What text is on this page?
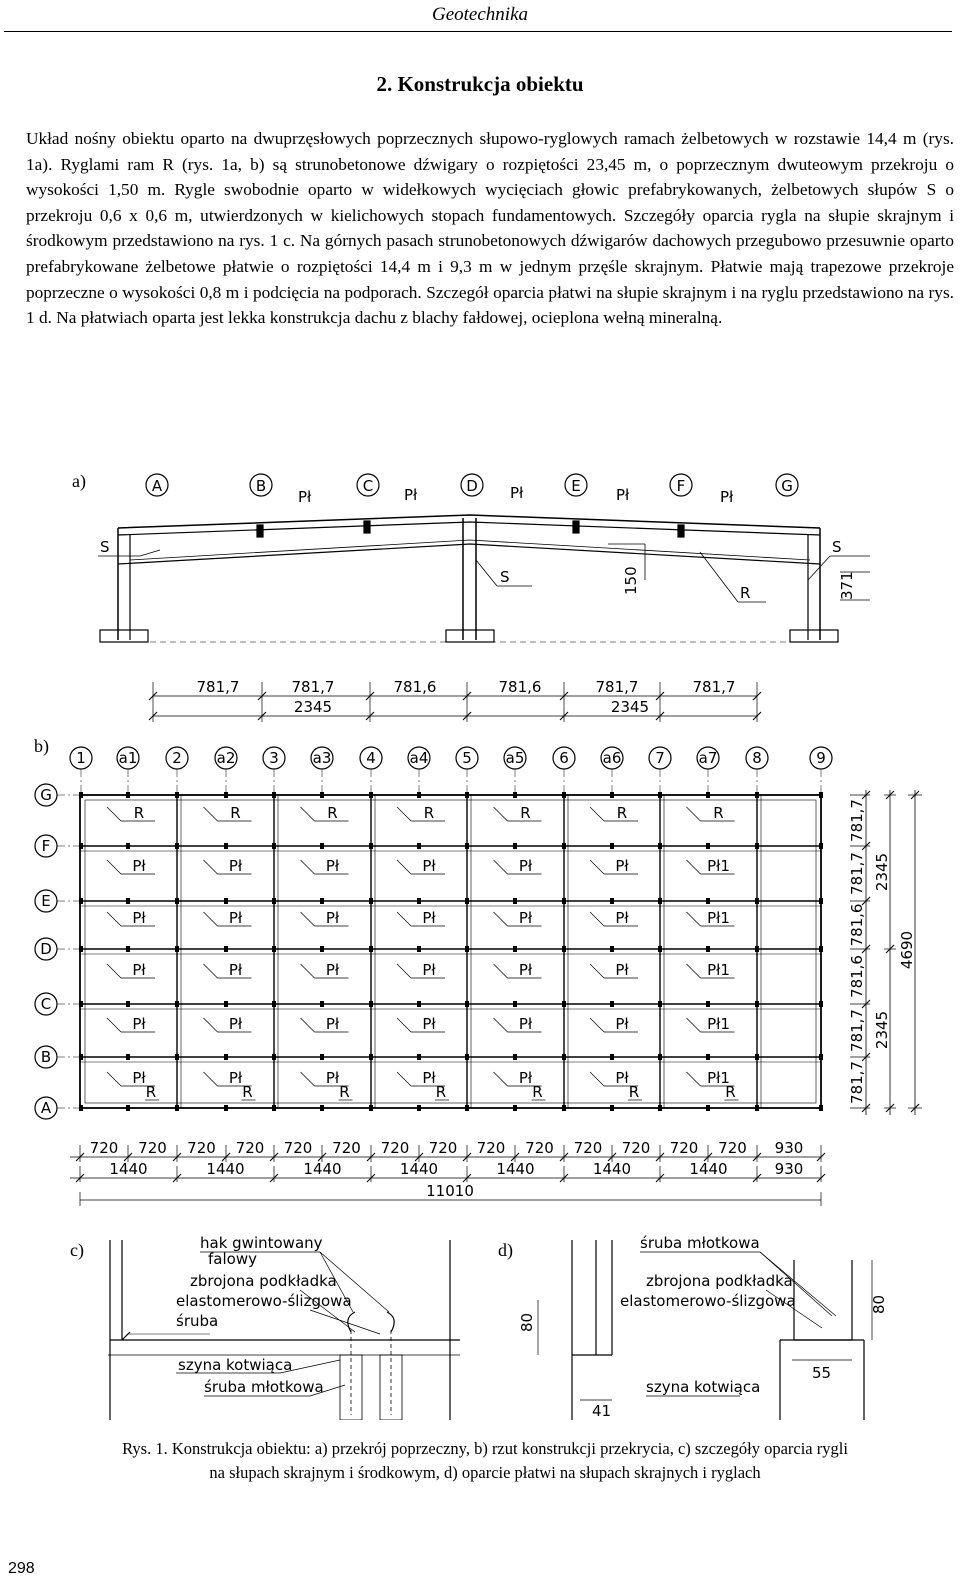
Geotechnika
2. Konstrukcja obiektu

Układ nośny obiektu oparto na dwuprzęsłowych poprzecznych słupowo-ryglowych ramach żelbetowych w rozstawie 14,4 m (rys. 1a). Ryglami ram R (rys. 1a, b) są strunobetonowe dźwigary o rozpiętości 23,45 m, o poprzecznym dwuteowym przekroju o wysokości 1,50 m. Rygle swobodnie oparto w widełkowych wycięciach głowic prefabrykowanych, żelbetowych słupów S o przekroju 0,6 x 0,6 m, utwierdzonych w kielichowych stopach fundamentowych. Szczegóły oparcia rygla na słupie skrajnym i środkowym przedstawiono na rys. 1 c. Na górnych pasach strunobetonowych dźwigarów dachowych przegubowo przesuwnie oparto prefabrykowane żelbetowe płatwie o rozpiętości 14,4 m i 9,3 m w jednym przęśle skrajnym. Płatwie mają trapezowe przekroje poprzeczne o wysokości 0,8 m i podcięcia na podporach. Szczegół oparcia płatwi na słupie skrajnym i na ryglu przedstawiono na rys. 1 d. Na płatwiach oparta jest lekka konstrukcja dachu z blachy fałdowej, ocieplona wełną mineralną.

a)	A	B	C	D	E	F	G
S
S
S
R
Pł	Pł	Pł	Pł	Pł
150	371
b)
781,7	781,7	781,6	781,6	781,7	781,7
2345	2345
1 a1 2 a2 3 a3 4 a4 5 a5 6 a6 7 a7 8	9
G
F
E
D
C
B
A
R
Pł
Pł
Pł
Pł
Pł
R
R
Pł
Pł
Pł
Pł
Pł
R
R
Pł
Pł
Pł
Pł
Pł
R
R
Pł
Pł
Pł
Pł
Pł
R
R
Pł
Pł
Pł
Pł
Pł
R
R
Pł
Pł
Pł
Pł
Pł
R
R
Pł1
Pł1
Pł1
Pł1
Pł1
R
720 720 720 720 720 720 720 720 720 720 720 720 720 720 930
1440	1440	1440	1440	1440	1440	1440	930
11010
781,7
781,7
781,6
781,6
781,7
781,7
2345
2345
4690
c)	hak gwintowany
falowy
zbrojona podkładka
elastomerowo-ślizgowa
śruba
szyna kotwiąca
śruba młotkowa
d)	śruba młotkowa
zbrojona podkładka
elastomerowo-ślizgowa
szyna kotwiąca
80
80
55
41
Rys. 1. Konstrukcja obiektu: a) przekrój poprzeczny, b) rzut konstrukcji przekrycia, c) szczegóły oparcia rygli
na słupach skrajnym i środkowym, d) oparcie płatwi na słupach skrajnych i ryglach
298
